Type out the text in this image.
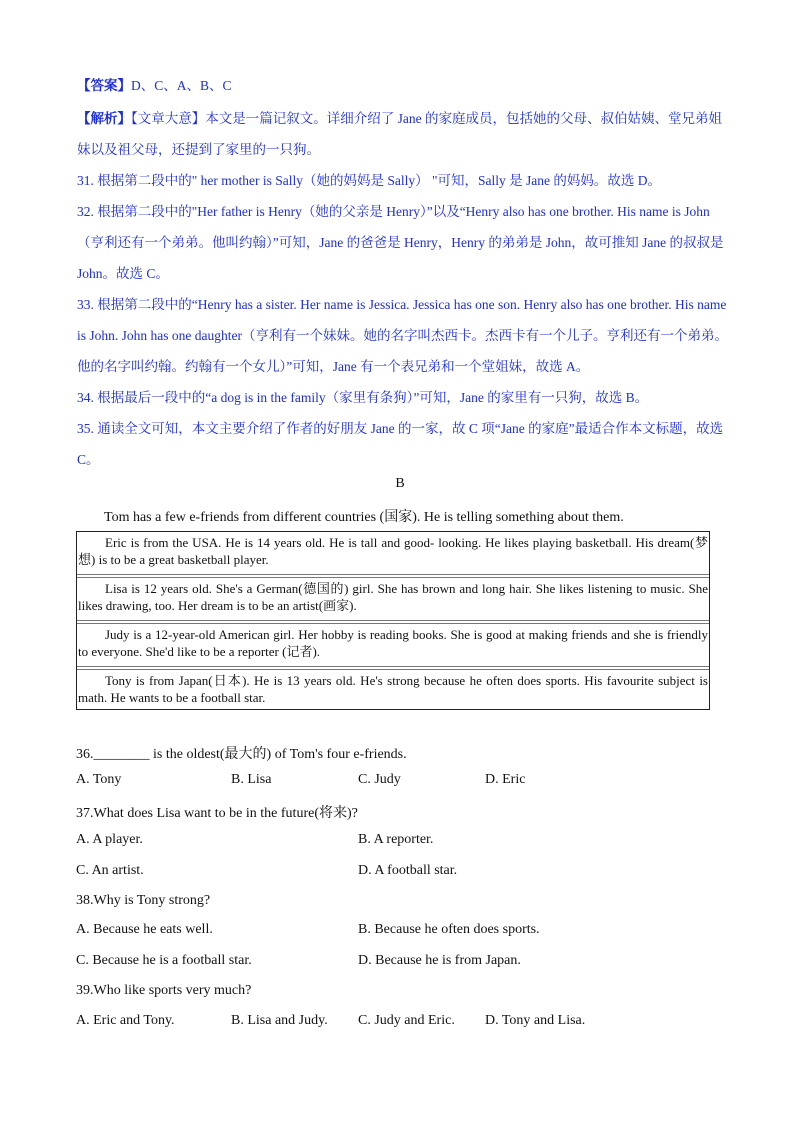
【答案】D、C、A、B、C

【解析】【文章大意】本文是一篇记叙文。详细介绍了 Jane 的家庭成员，包括她的父母、叔伯姑姨、堂兄弟姐妹以及祖父母，还提到了家里的一只狗。

31. 根据第二段中的" her mother is Sally（她的妈妈是 Sally） "可知，Sally 是 Jane 的妈妈。故选 D。

32. 根据第二段中的"Her father is Henry（她的父亲是 Henry）”以及“Henry also has one brother. His name is John（亨利还有一个弟弟。他叫约翰）”可知，Jane 的爸爸是 Henry，Henry 的弟弟是 John，故可推知 Jane 的叔叔是 John。故选 C。

33. 根据第二段中的“Henry has a sister. Her name is Jessica. Jessica has one son. Henry also has one brother. His name is John. John has one daughter（亨利有一个妹妹。她的名字叫杰西卡。杰西卡有一个儿子。亨利还有一个弟弟。他的名字叫约翰。约翰有一个女儿）”可知，Jane 有一个表兄弟和一个堂姐妹，故选 A。

34. 根据最后一段中的“a dog is in the family（家里有条狗）”可知，Jane 的家里有一只狗，故选 B。

35. 通读全文可知，本文主要介绍了作者的好朋友 Jane 的一家，故 C 项“Jane 的家庭”最适合作本文标题，故选 C。

B
Tom has a few e-friends from different countries (国家). He is telling something about them.
Eric is from the USA. He is 14 years old. He is tall and good- looking. He likes playing basketball. His dream(梦想) is to be a great basketball player.
Lisa is 12 years old. She's a German(德国的) girl. She has brown and long hair. She likes listening to music. She likes drawing, too. Her dream is to be an artist(画家).
Judy is a 12-year-old American girl. Her hobby is reading books. She is good at making friends and she is friendly to everyone. She'd like to be a reporter (记者).
Tony is from Japan(日本). He is 13 years old. He's strong because he often does sports. His favourite subject is math. He wants to be a football star.
36.________ is the oldest(最大的) of Tom's four e-friends.
A. Tony	B. Lisa	C. Judy	D. Eric
37.What does Lisa want to be in the future(将来)?
A. A player.	B. A reporter.
C. An artist.	D. A football star.
38.Why is Tony strong?
A. Because he eats well.	B. Because he often does sports.
C. Because he is a football star.	D. Because he is from Japan.
39.Who like sports very much?
A. Eric and Tony.	B. Lisa and Judy. C. Judy and Eric. D. Tony and Lisa.
